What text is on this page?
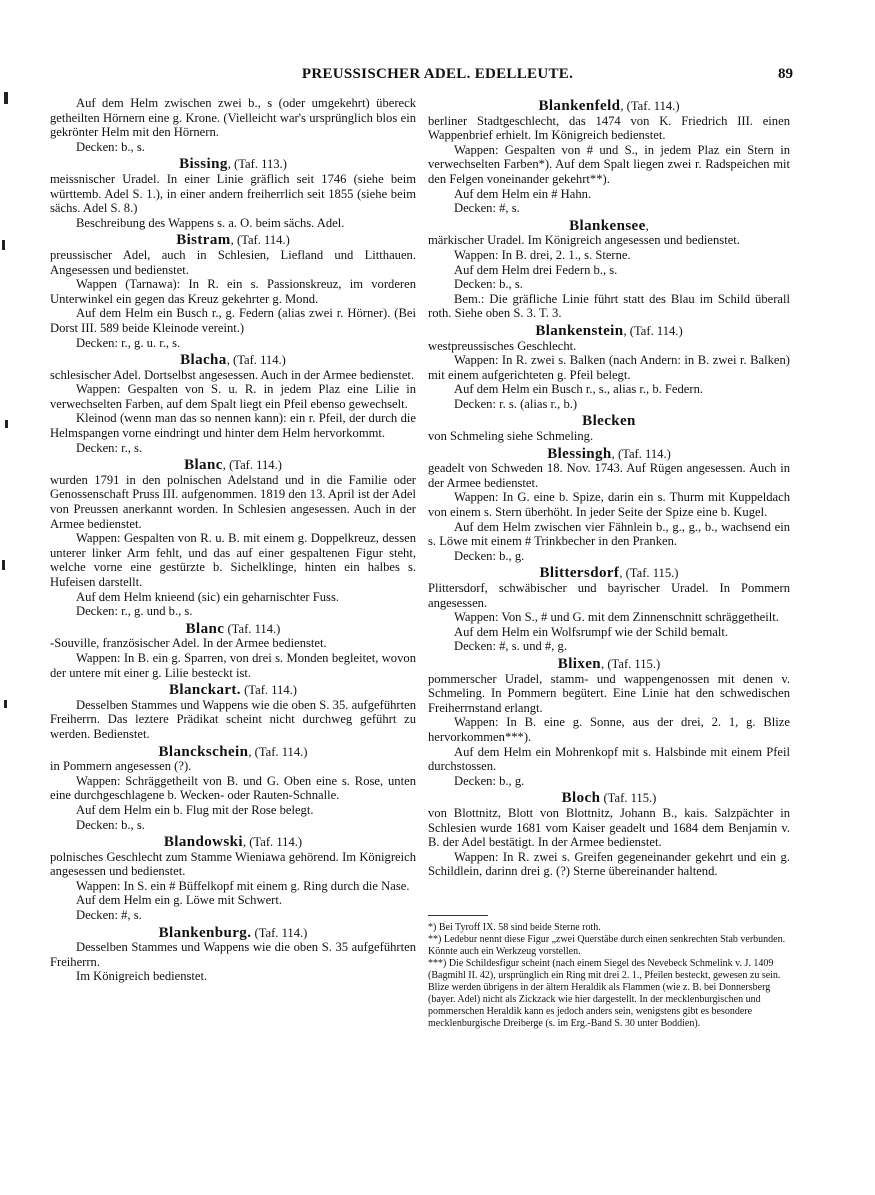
PREUSSISCHER ADEL. EDELLEUTE.	89

Auf dem Helm zwischen zwei b., s (oder umgekehrt) übereck getheilten Hörnern eine g. Krone. (Vielleicht war's ursprünglich blos ein gekrönter Helm mit den Hörnern.

Decken: b., s.

Bissing, (Taf. 113.)

meissnischer Uradel. In einer Linie gräflich seit 1746 (siehe beim württemb. Adel S. 1.), in einer andern freiherrlich seit 1855 (siehe beim sächs. Adel S. 8.)

Beschreibung des Wappens s. a. O. beim sächs. Adel.

Bistram, (Taf. 114.)

preussischer Adel, auch in Schlesien, Liefland und Litthauen. Angesessen und bedienstet.

Wappen (Tarnawa): In R. ein s. Passionskreuz, im vorderen Unterwinkel ein gegen das Kreuz gekehrter g. Mond.

Auf dem Helm ein Busch r., g. Federn (alias zwei r. Hörner). (Bei Dorst III. 589 beide Kleinode vereint.)

Decken: r., g. u. r., s.

Blacha, (Taf. 114.)

schlesischer Adel. Dortselbst angesessen. Auch in der Armee bedienstet.

Wappen: Gespalten von S. u. R. in jedem Plaz eine Lilie in verwechselten Farben, auf dem Spalt liegt ein Pfeil ebenso gewechselt.

Kleinod (wenn man das so nennen kann): ein r. Pfeil, der durch die Helmspangen vorne eindringt und hinter dem Helm hervorkommt.

Decken: r., s.

Blanc, (Taf. 114.)

wurden 1791 in den polnischen Adelstand und in die Familie oder Genossenschaft Pruss III. aufgenommen. 1819 den 13. April ist der Adel von Preussen anerkannt worden. In Schlesien angesessen. Auch in der Armee bedienstet.

Wappen: Gespalten von R. u. B. mit einem g. Doppelkreuz, dessen unterer linker Arm fehlt, und das auf einer gespaltenen Figur steht, welche vorne eine gestürzte b. Sichelklinge, hinten ein halbes s. Hufeisen darstellt.

Auf dem Helm knieend (sic) ein geharnischter Fuss.

Decken: r., g. und b., s.

Blanc (Taf. 114.)

-Souville, französischer Adel. In der Armee bedienstet.

Wappen: In B. ein g. Sparren, von drei s. Monden begleitet, wovon der untere mit einer g. Lilie besteckt ist.

Blanckart. (Taf. 114.)

Desselben Stammes und Wappens wie die oben S. 35. aufgeführten Freiherrn. Das leztere Prädikat scheint nicht durchweg geführt zu werden. Bedienstet.

Blanckschein, (Taf. 114.)

in Pommern angesessen (?).

Wappen: Schräggetheilt von B. und G. Oben eine s. Rose, unten eine durchgeschlagene b. Wecken- oder Rauten-Schnalle.

Auf dem Helm ein b. Flug mit der Rose belegt.

Decken: b., s.

Blandowski, (Taf. 114.)

polnisches Geschlecht zum Stamme Wieniawa gehörend. Im Königreich angesessen und bedienstet.

Wappen: In S. ein # Büffelkopf mit einem g. Ring durch die Nase.

Auf dem Helm ein g. Löwe mit Schwert.

Decken: #, s.

Blankenburg. (Taf. 114.)

Desselben Stammes und Wappens wie die oben S. 35 aufgeführten Freiherrn.

Im Königreich bedienstet.

Blankenfeld, (Taf. 114.)

berliner Stadtgeschlecht, das 1474 von K. Friedrich III. einen Wappenbrief erhielt. Im Königreich bedienstet.

Wappen: Gespalten von # und S., in jedem Plaz ein Stern in verwechselten Farben*). Auf dem Spalt liegen zwei r. Radspeichen mit den Felgen voneinander gekehrt**).

Auf dem Helm ein # Hahn.

Decken: #, s.

Blankensee,

märkischer Uradel. Im Königreich angesessen und bedienstet.

Wappen: In B. drei, 2. 1., s. Sterne.

Auf dem Helm drei Federn b., s.

Decken: b., s.

Bem.: Die gräfliche Linie führt statt des Blau im Schild überall roth. Siehe oben S. 3. T. 3.

Blankenstein, (Taf. 114.)

westpreussisches Geschlecht.

Wappen: In R. zwei s. Balken (nach Andern: in B. zwei r. Balken) mit einem aufgerichteten g. Pfeil belegt.

Auf dem Helm ein Busch r., s., alias r., b. Federn.

Decken: r. s. (alias r., b.)

Blecken

von Schmeling siehe Schmeling.

Blessingh, (Taf. 114.)

geadelt von Schweden 18. Nov. 1743. Auf Rügen angesessen. Auch in der Armee bedienstet.

Wappen: In G. eine b. Spize, darin ein s. Thurm mit Kuppeldach von einem s. Stern überhöht. In jeder Seite der Spize eine b. Kugel.

Auf dem Helm zwischen vier Fähnlein b., g., g., b., wachsend ein s. Löwe mit einem # Trinkbecher in den Pranken.

Decken: b., g.

Blittersdorf, (Taf. 115.)

Plittersdorf, schwäbischer und bayrischer Uradel. In Pommern angesessen.

Wappen: Von S., # und G. mit dem Zinnenschnitt schräggetheilt.

Auf dem Helm ein Wolfsrumpf wie der Schild bemalt.

Decken: #, s. und #, g.

Blixen, (Taf. 115.)

pommerscher Uradel, stamm- und wappengenossen mit denen v. Schmeling. In Pommern begütert. Eine Linie hat den schwedischen Freiherrnstand erlangt.

Wappen: In B. eine g. Sonne, aus der drei, 2. 1, g. Blize hervorkommen***).

Auf dem Helm ein Mohrenkopf mit s. Halsbinde mit einem Pfeil durchstossen.

Decken: b., g.

Bloch (Taf. 115.)

von Blottnitz, Blott von Blottnitz, Johann B., kais. Salzpächter in Schlesien wurde 1681 vom Kaiser geadelt und 1684 dem Benjamin v. B. der Adel bestätigt. In der Armee bedienstet.

Wappen: In R. zwei s. Greifen gegeneinander gekehrt und ein g. Schildlein, darinn drei g. (?) Sterne übereinander haltend.

*) Bei Tyroff IX. 58 sind beide Sterne roth.

**) Ledebur nennt diese Figur „zwei Querstäbe durch einen senkrechten Stab verbunden. Könnte auch ein Werkzeug vorstellen.

***) Die Schildesfigur scheint (nach einem Siegel des Nevebeck Schmelink v. J. 1409 (Bagmihl II. 42), ursprünglich ein Ring mit drei 2. 1., Pfeilen besteckt, gewesen zu sein. Blize werden übrigens in der ältern Heraldik als Flammen (wie z. B. bei Donnersberg (bayer. Adel) nicht als Zickzack wie hier dargestellt. In der mecklenburgischen und pommerschen Heraldik kann es jedoch anders sein, wenigstens gibt es besondere mecklenburgische Dreiberge (s. im Erg.-Band S. 30 unter Boddien).
